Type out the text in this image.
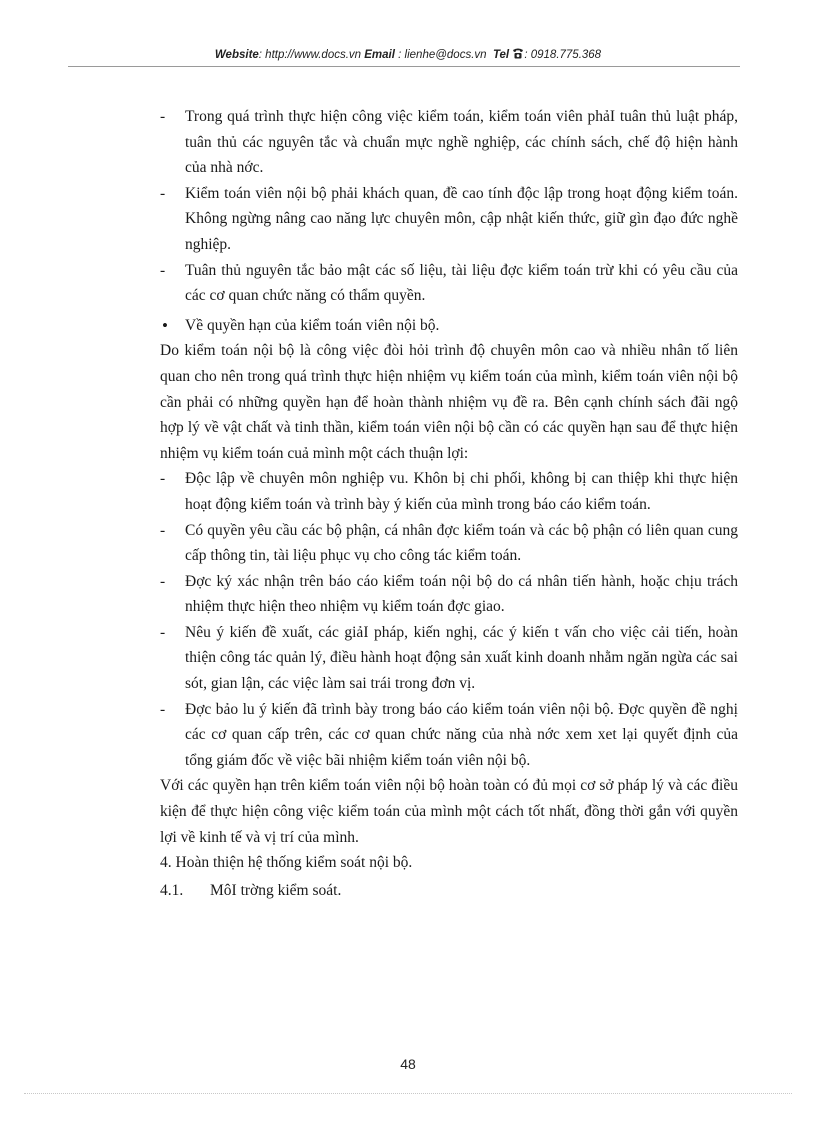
Website: http://www.docs.vn Email : lienhe@docs.vn Tel : 0918.775.368
- Trong quá trình thực hiện công việc kiểm toán, kiểm toán viên phảI tuân thủ luật pháp, tuân thủ các nguyên tắc và chuẩn mực nghề nghiệp, các chính sách, chế độ hiện hành của nhà nớc.
- Kiểm toán viên nội bộ phải khách quan, đề cao tính độc lập trong hoạt động kiểm toán. Không ngừng nâng cao năng lực chuyên môn, cập nhật kiến thức, giữ gìn đạo đức nghề nghiệp.
- Tuân thủ nguyên tắc bảo mật các số liệu, tài liệu đợc kiểm toán trừ khi có yêu cầu của các cơ quan chức năng có thẩm quyền.
• Về quyền hạn của kiểm toán viên nội bộ.

Do kiểm toán nội bộ là công việc đòi hỏi trình độ chuyên môn cao và nhiều nhân tố liên quan cho nên trong quá trình thực hiện nhiệm vụ kiểm toán của mình, kiểm toán viên nội bộ cần phải có những quyền hạn để hoàn thành nhiệm vụ đề ra. Bên cạnh chính sách đãi ngộ hợp lý về vật chất và tinh thần, kiểm toán viên nội bộ cần có các quyền hạn sau để thực hiện nhiệm vụ kiểm toán cuả mình một cách thuận lợi:

- Độc lập về chuyên môn nghiệp vu. Khôn bị chi phối, không bị can thiệp khi thực hiện hoạt động kiểm toán và trình bày ý kiến của mình trong báo cáo kiểm toán.
- Có quyền yêu cầu các bộ phận, cá nhân đợc kiểm toán và các bộ phận có liên quan cung cấp thông tin, tài liệu phục vụ cho công tác kiểm toán.
- Đợc ký xác nhận trên báo cáo kiểm toán nội bộ do cá nhân tiến hành, hoặc chịu trách nhiệm thực hiện theo nhiệm vụ kiểm toán đợc giao.
- Nêu ý kiến đề xuất, các giảI pháp, kiến nghị, các ý kiến t vấn cho việc cải tiến, hoàn thiện công tác quản lý, điều hành hoạt động sản xuất kinh doanh nhằm ngăn ngừa các sai sót, gian lận, các việc làm sai trái trong đơn vị.
- Đợc bảo lu ý kiến đã trình bày trong báo cáo kiểm toán viên nội bộ. Đợc quyền đề nghị các cơ quan cấp trên, các cơ quan chức năng của nhà nớc xem xet lại quyết định của tổng giám đốc về việc bãi nhiệm kiểm toán viên nội bộ.

Với các quyền hạn trên kiểm toán viên nội bộ hoàn toàn có đủ mọi cơ sở pháp lý và các điều kiện để thực hiện công việc kiểm toán của mình một cách tốt nhất, đồng thời gắn với quyền lợi về kinh tế và vị trí của mình.

4. Hoàn thiện hệ thống kiểm soát nội bộ.

4.1.	MôI trờng kiểm soát.
48
